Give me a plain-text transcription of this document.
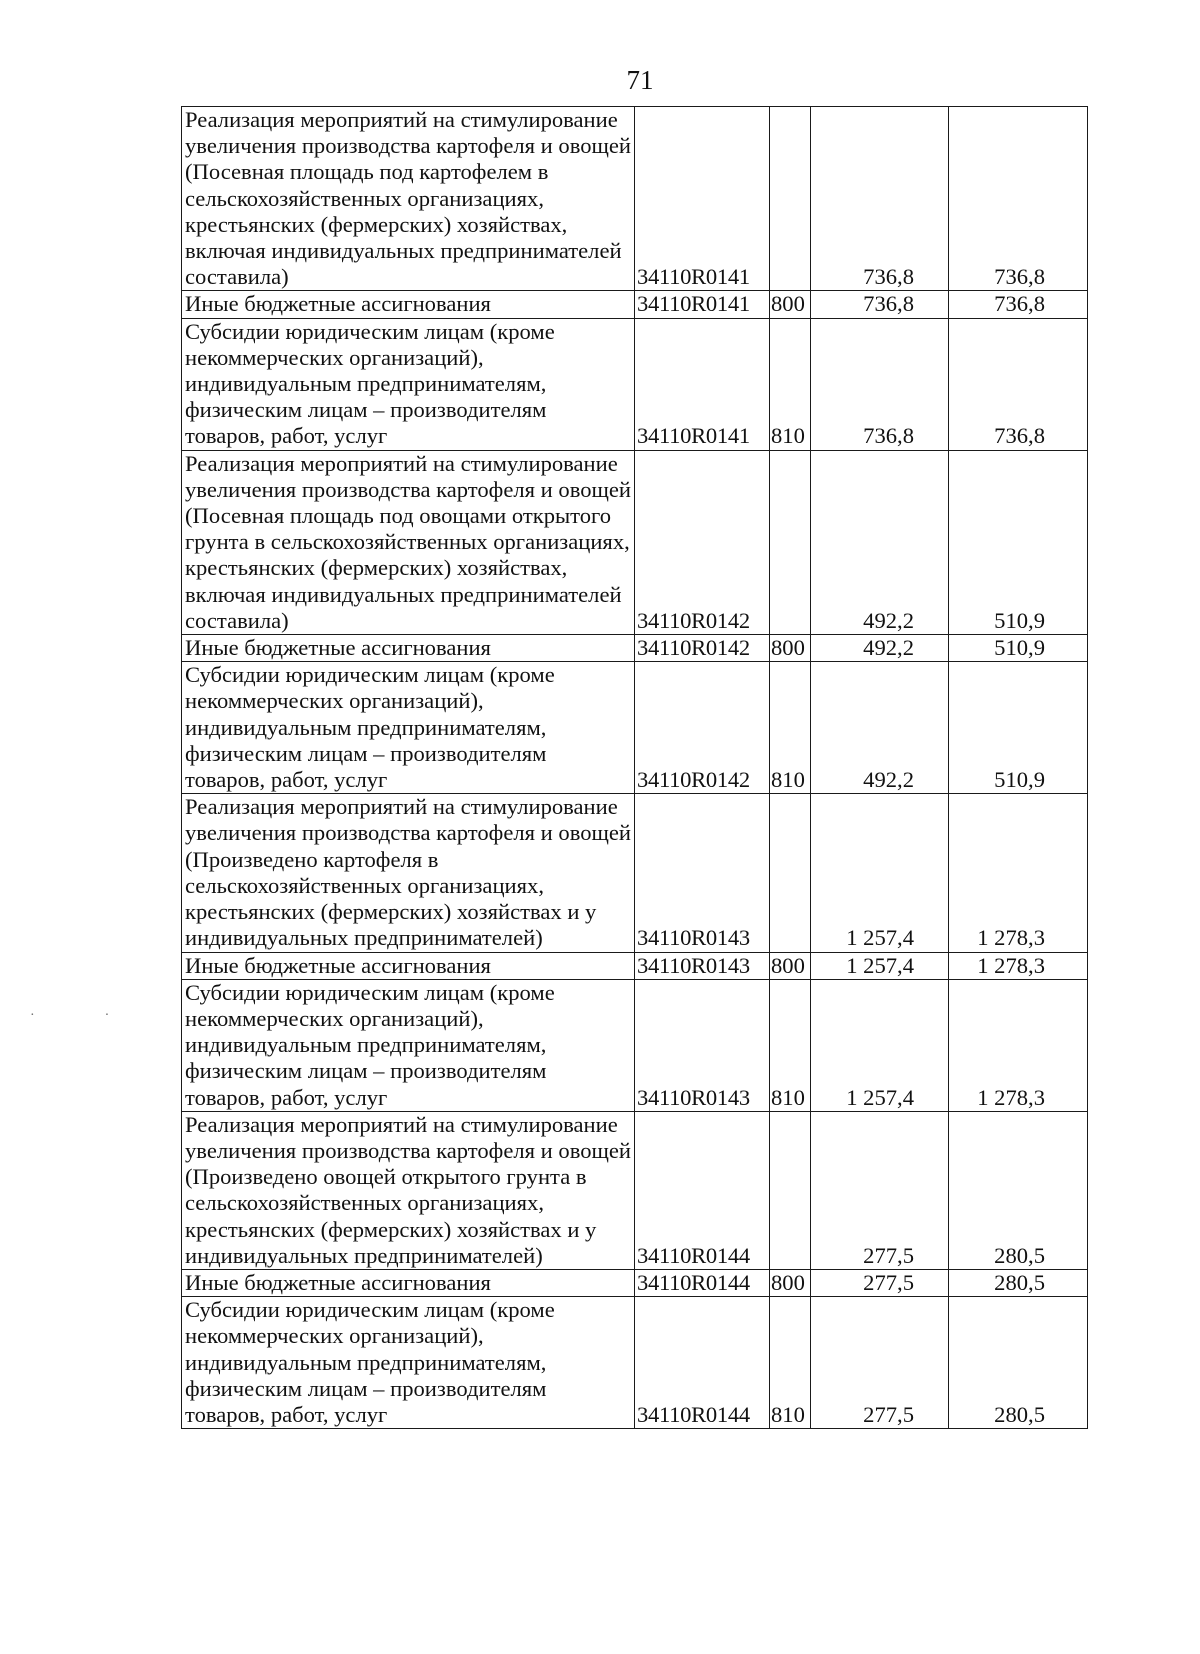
71
··
Реализация мероприятий на стимулирование увеличения производства картофеля и овощей (Посевная площадь под картофелем в сельскохозяйственных организациях, крестьянских (фермерских) хозяйствах, включая индивидуальных предпринимателей составила)	34110R0141		736,8	736,8
Иные бюджетные ассигнования	34110R0141	800	736,8	736,8
Субсидии юридическим лицам (кроме некоммерческих организаций), индивидуальным предпринимателям, физическим лицам – производителям товаров, работ, услуг	34110R0141	810	736,8	736,8
Реализация мероприятий на стимулирование увеличения производства картофеля и овощей (Посевная площадь под овощами открытого грунта в сельскохозяйственных организациях, крестьянских (фермерских) хозяйствах, включая индивидуальных предпринимателей составила)	34110R0142		492,2	510,9
Иные бюджетные ассигнования	34110R0142	800	492,2	510,9
Субсидии юридическим лицам (кроме некоммерческих организаций), индивидуальным предпринимателям, физическим лицам – производителям товаров, работ, услуг	34110R0142	810	492,2	510,9
Реализация мероприятий на стимулирование увеличения производства картофеля и овощей (Произведено картофеля в сельскохозяйственных организациях, крестьянских (фермерских) хозяйствах и у индивидуальных предпринимателей)	34110R0143		1 257,4	1 278,3
Иные бюджетные ассигнования	34110R0143	800	1 257,4	1 278,3
Субсидии юридическим лицам (кроме некоммерческих организаций), индивидуальным предпринимателям, физическим лицам – производителям товаров, работ, услуг	34110R0143	810	1 257,4	1 278,3
Реализация мероприятий на стимулирование увеличения производства картофеля и овощей (Произведено овощей открытого грунта в сельскохозяйственных организациях, крестьянских (фермерских) хозяйствах и у индивидуальных предпринимателей)	34110R0144		277,5	280,5
Иные бюджетные ассигнования	34110R0144	800	277,5	280,5
Субсидии юридическим лицам (кроме некоммерческих организаций), индивидуальным предпринимателям, физическим лицам – производителям товаров, работ, услуг	34110R0144	810	277,5	280,5
